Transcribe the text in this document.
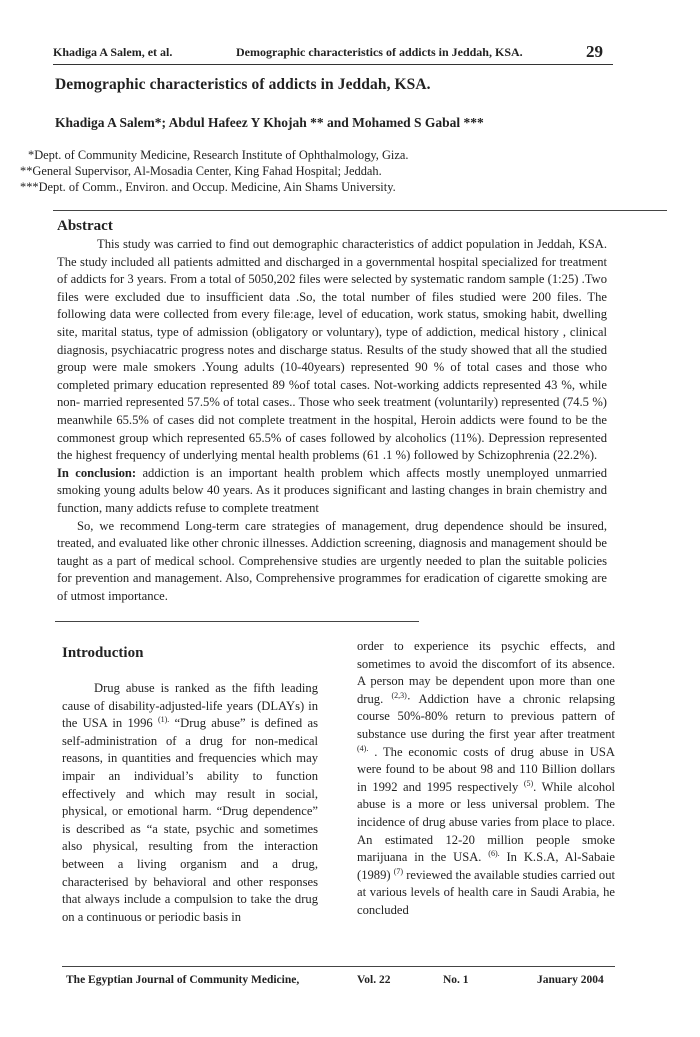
Khadiga A Salem, et al.	Demographic characteristics of addicts in Jeddah, KSA.	29
Demographic characteristics of addicts in Jeddah, KSA.
Khadiga A Salem*; Abdul Hafeez Y Khojah ** and Mohamed S Gabal ***
*Dept. of Community Medicine, Research Institute of Ophthalmology, Giza.
**General Supervisor, Al-Mosadia Center, King Fahad Hospital; Jeddah.
***Dept. of Comm., Environ. and Occup. Medicine, Ain Shams University.
Abstract

This study was carried to find out demographic characteristics of addict population in Jeddah, KSA. The study included all patients admitted and discharged in a governmental hospital specialized for treatment of addicts for 3 years. From a total of 5050,202 files were selected by systematic random sample (1:25) .Two files were excluded due to insufficient data .So, the total number of files studied were 200 files. The following data were collected from every file:age, level of education, work status, smoking habit, dwelling site, marital status, type of admission (obligatory or voluntary), type of addiction, medical history , clinical diagnosis, psychiacatric progress notes and discharge status. Results of the study showed that all the studied group were male smokers .Young adults (10-40years) represented 90 % of total cases and those who completed primary education represented 89 %of total cases. Not-working addicts represented 43 %, while non- married represented 57.5% of total cases.. Those who seek treatment (voluntarily) represented (74.5 %) meanwhile 65.5% of cases did not complete treatment in the hospital, Heroin addicts were found to be the commonest group which represented 65.5% of cases followed by alcoholics (11%). Depression represented the highest frequency of underlying mental health problems (61 .1 %) followed by Schizophrenia (22.2%).    In conclusion: addiction is an important health problem which affects mostly unemployed unmarried smoking young adults below 40 years. As it produces significant and lasting changes in brain chemistry and function, many addicts refuse to complete treatment

So, we recommend Long-term care strategies of management, drug dependence should be insured, treated, and evaluated like other chronic illnesses. Addiction screening, diagnosis and management should be taught as a part of medical school. Comprehensive studies are urgently needed to plan the suitable policies for prevention and management. Also, Comprehensive programmes for eradication of cigarette smoking are of utmost importance.

Introduction

Drug abuse is ranked as the fifth leading cause of disability-adjusted-life years (DLAYs) in the USA in 1996 $^{(1).}$ “Drug abuse” is defined as self-administration of a drug for non-medical reasons, in quantities and frequencies which may impair an individual’s ability to function effectively and which may result in social, physical, or emotional harm. “Drug dependence” is described as “a state, psychic and sometimes also physical, resulting from the interaction between a living organism and a drug, characterised by behavioral and other responses that always include a compulsion to take the drug on a continuous or periodic basis in

order to experience its psychic effects, and sometimes to avoid the discomfort of its absence. A person may be dependent upon more than one drug. $^{(2,3)}$· Addiction have a chronic relapsing course 50%-80% return to previous pattern of substance use during the first year after treatment $^{(4).}$ . The economic costs of drug abuse in USA were found to be about 98 and 110 Billion dollars in 1992 and 1995 respectively $^{(5)}$. While alcohol abuse is a more or less universal problem. The incidence of drug abuse varies from place to place. An estimated 12-20 million people smoke marijuana in the USA. $^{(6).}$ In K.S.A, Al-Sabaie (1989) $^{(7)}$ reviewed the available studies carried out at various levels of health care in Saudi Arabia, he concluded

The Egyptian Journal of Community Medicine,	Vol. 22	No. 1	January 2004
